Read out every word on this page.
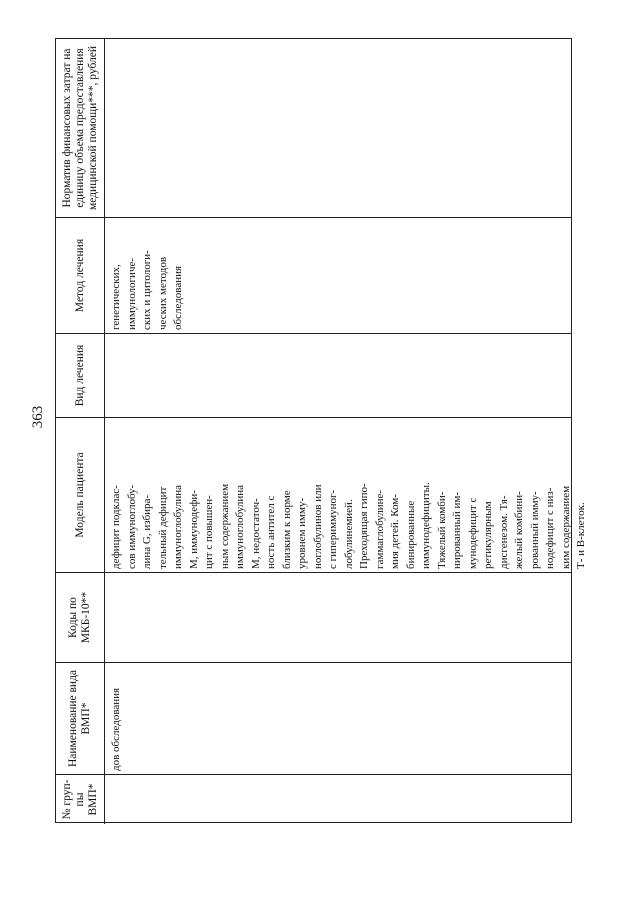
363
№ груп-пы ВМП*
Наименование вида ВМП*
Коды по МКБ-10**
Модель пациента
Вид лечения
Метод лечения
Норматив финансовых затрат на единицу объема предоставления медицинской помощи***, рублей
дов обследования
дефицит подклас- сов иммуноглобу- лина G, избира- тельный дефицит иммуноглобулина М, иммунодефи- цит с повышен- ным содержанием иммуноглобулина М, недостаточ- ность антител с близким к норме уровнем имму- ноглобулинов или с гипериммуног- лобулинемией. Преходящая гипо- гаммаглобулине- мия детей. Ком- бинированные иммунодефициты. Тяжелый комби- нированный им- мунодефицит с ретикулярным дисгенезом. Тя- желый комбини- рованный имму- нодефицит с низ- ким содержанием Т- и В-клеток.
генетических, иммунологиче- ских и цитологи- ческих методов обследования
